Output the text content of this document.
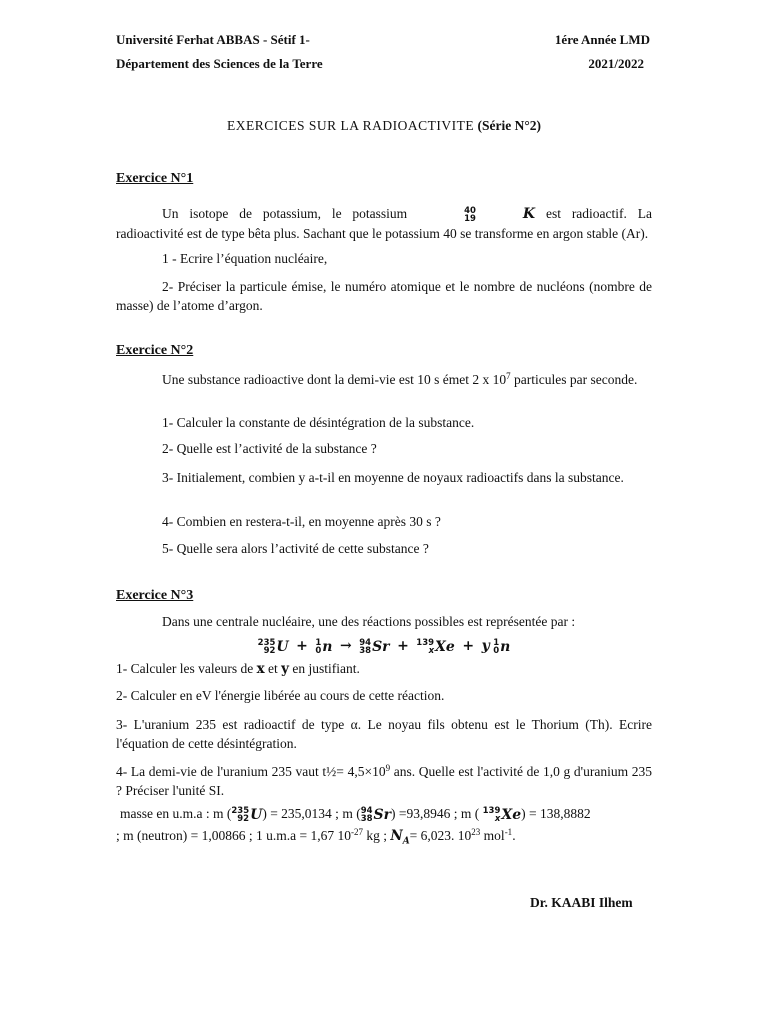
Université Ferhat ABBAS - Sétif 1-	1ére Année LMD
Département des Sciences de la Terre	2021/2022
EXERCICES SUR LA RADIOACTIVITE (Série N°2)
Exercice N°1
Un isotope de potassium, le potassium	40
19	K est radioactif. La radioactivité est de type bêta plus. Sachant que le potassium 40 se transforme en argon stable (Ar).
1 - Ecrire l’équation nucléaire,
2- Préciser la particule émise, le numéro atomique et le nombre de nucléons (nombre de masse) de l’atome d’argon.
Exercice N°2
Une substance radioactive dont la demi-vie est 10 s émet 2 x $10^7$ particules par seconde.
1- Calculer la constante de désintégration de la substance.
2- Quelle est l’activité de la substance ?
3- Initialement, combien y a-t-il en moyenne de noyaux radioactifs dans la substance.
4- Combien en restera-t-il, en moyenne après 30 s ?
5- Quelle sera alors l’activité de cette substance ?
Exercice N°3
Dans une centrale nucléaire, une des réactions possibles est représentée par :
235
92 U + 1
0 n → 94
38 Sr + 139
x Xe + y 1
0 n
1- Calculer les valeurs de x et y en justifiant.
2- Calculer en eV l'énergie libérée au cours de cette réaction.
3- L'uranium 235 est radioactif de type α. Le noyau fils obtenu est le Thorium (Th). Ecrire l'équation de cette désintégration.
4- La demi-vie de l'uranium 235 vaut t½= $4,5\times 10^9$ ans. Quelle est l'activité de 1,0 g d'uranium 235 ? Préciser l'unité SI.
masse en u.m.a : m ( 235
92 U ) = 235,0134 ; m ( 94
38 Sr ) =93,8946 ; m ( 139
x Xe ) = 138,8882
; m (neutron) = 1,00866 ; 1 u.m.a = 1,67 $10^{-27}$ kg ; $N_A= 6,023$. $10^{23}$ mol$^{-1}$.
Dr. KAABI Ilhem
